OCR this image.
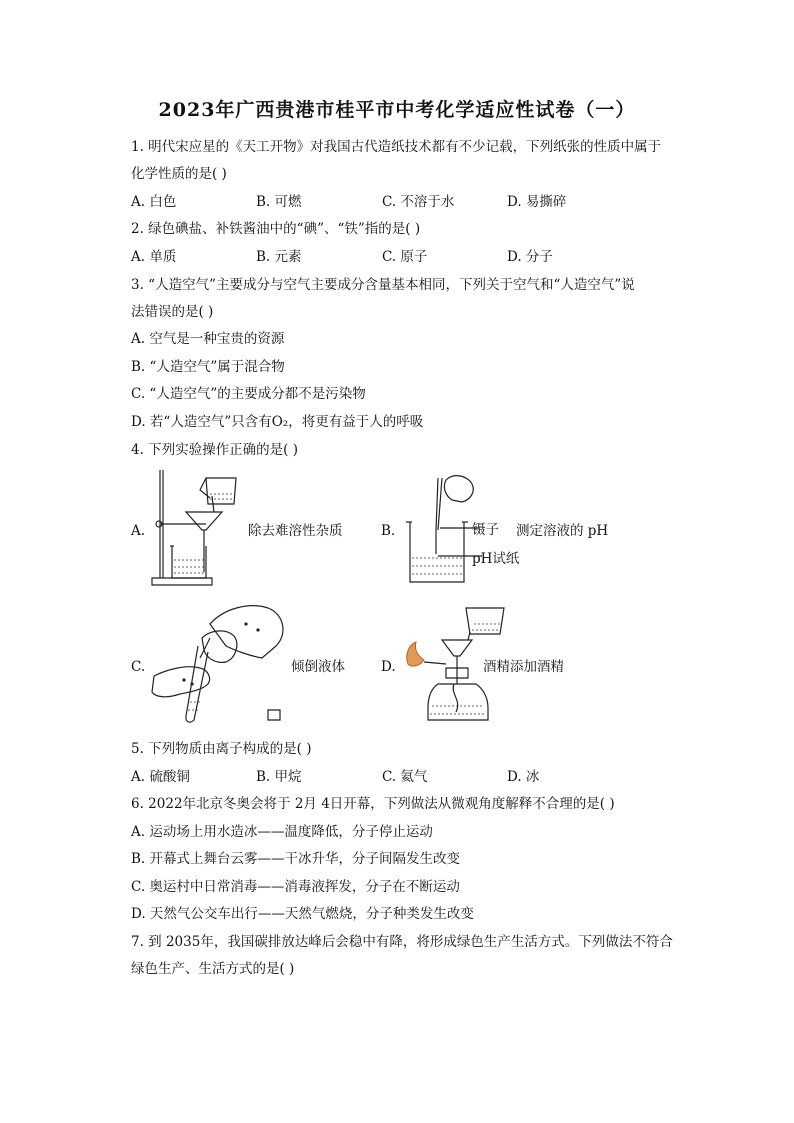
2023年广西贵港市桂平市中考化学适应性试卷（一）
1. 明代宋应星的《天工开物》对我国古代造纸技术都有不少记载，下列纸张的性质中属于
化学性质的是( )
A. 白色	B. 可燃	C. 不溶于水	D. 易撕碎
2. 绿色碘盐、补铁酱油中的“碘”、“铁”指的是( )
A. 单质	B. 元素	C. 原子	D. 分子
3. “人造空气”主要成分与空气主要成分含量基本相同，下列关于空气和“人造空气”说
法错误的是( )
A. 空气是一种宝贵的资源
B. “人造空气”属于混合物
C. “人造空气”的主要成分都不是污染物
D. 若“人造空气”只含有O₂，将更有益于人的呼吸
4. 下列实验操作正确的是( )
A.	除去难溶性杂质	B.	镊子
pH试纸
测定溶液的 pH
C.	倾倒液体	D.	酒精添加酒精
5. 下列物质由离子构成的是( )
A. 硫酸铜	B. 甲烷	C. 氦气	D. 冰
6. 2022年北京冬奥会将于 2月 4日开幕，下列做法从微观角度解释不合理的是( )
A. 运动场上用水造冰——温度降低，分子停止运动
B. 开幕式上舞台云雾——干冰升华，分子间隔发生改变
C. 奥运村中日常消毒——消毒液挥发，分子在不断运动
D. 天然气公交车出行——天然气燃烧，分子种类发生改变
7. 到 2035年，我国碳排放达峰后会稳中有降，将形成绿色生产生活方式。下列做法不符合
绿色生产、生活方式的是( )
